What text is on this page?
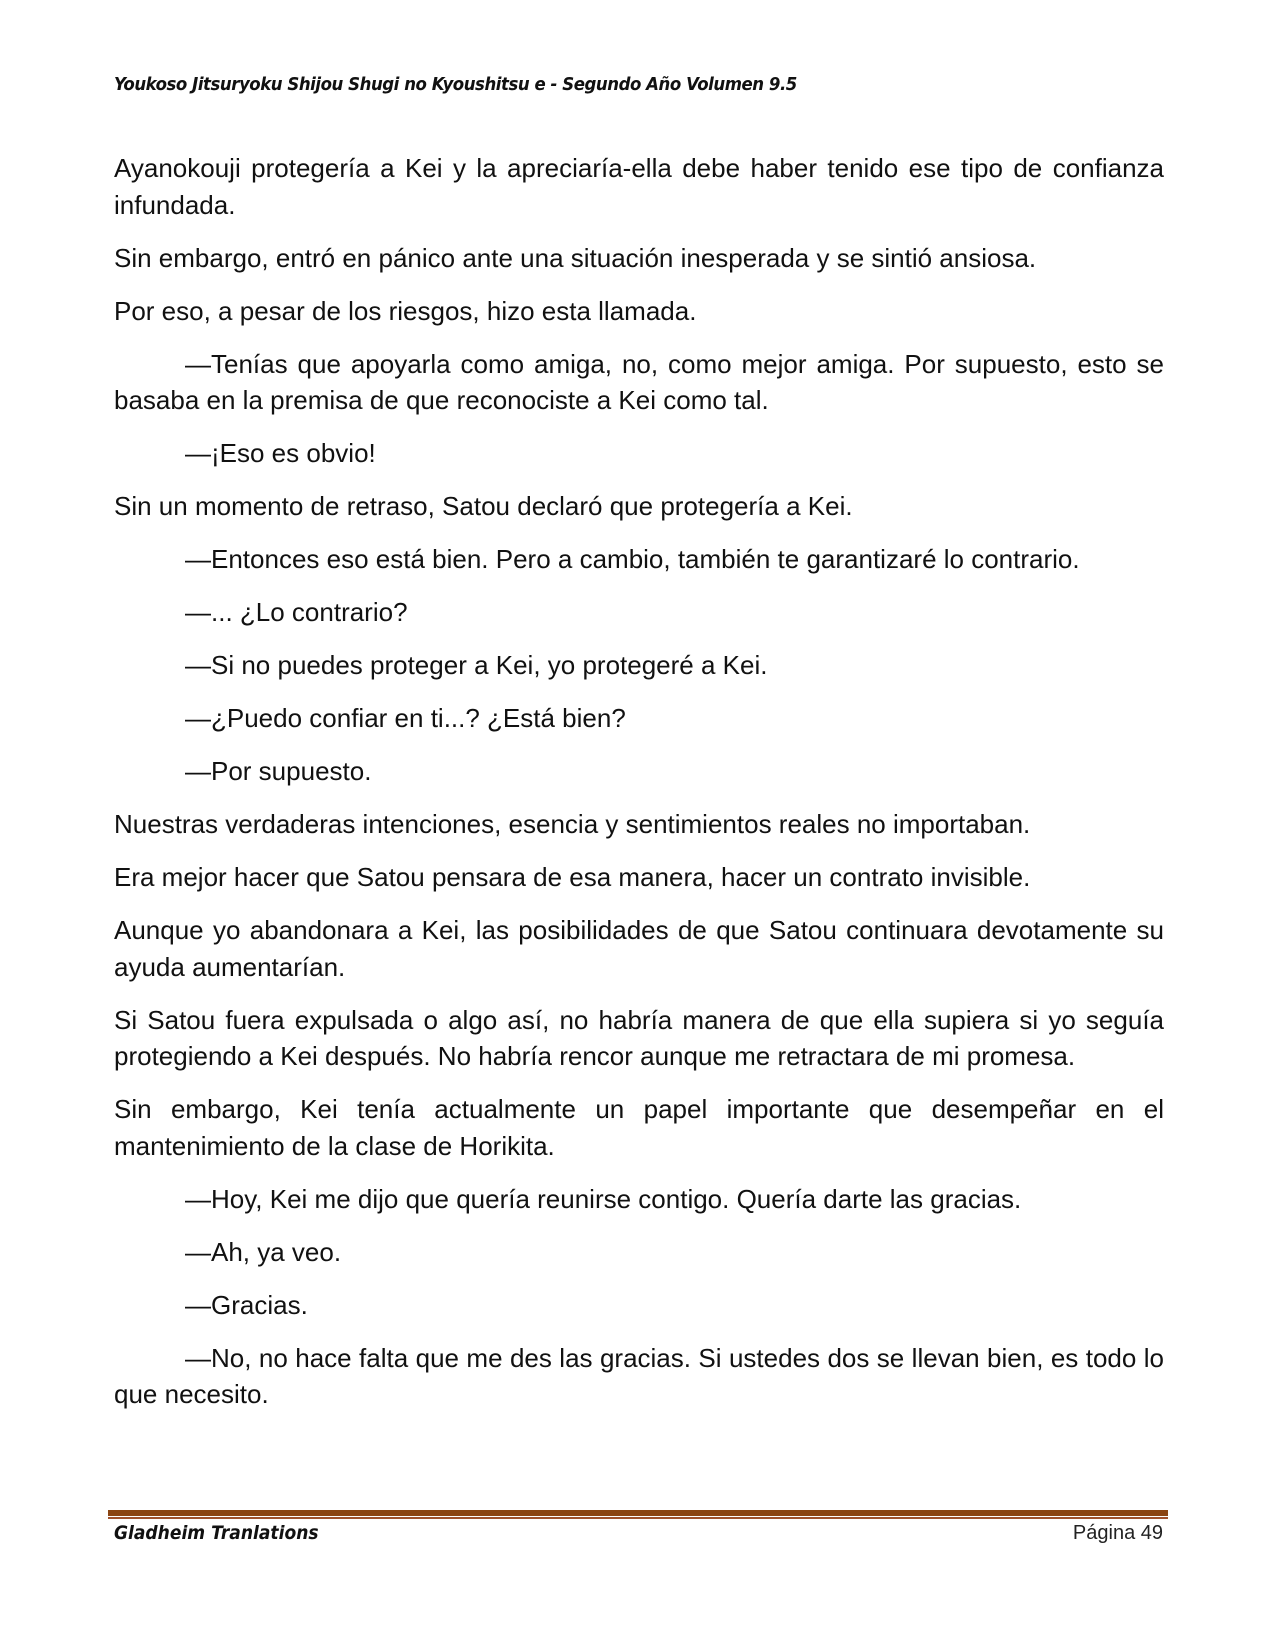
Youkoso Jitsuryoku Shijou Shugi no Kyoushitsu e - Segundo Año Volumen 9.5

Ayanokouji protegería a Kei y la apreciaría-ella debe haber tenido ese tipo de confianza infundada.

Sin embargo, entró en pánico ante una situación inesperada y se sintió ansiosa.

Por eso, a pesar de los riesgos, hizo esta llamada.

—Tenías que apoyarla como amiga, no, como mejor amiga. Por supuesto, esto se basaba en la premisa de que reconociste a Kei como tal.

—¡Eso es obvio!

Sin un momento de retraso, Satou declaró que protegería a Kei.

—Entonces eso está bien. Pero a cambio, también te garantizaré lo contrario.

—... ¿Lo contrario?

—Si no puedes proteger a Kei, yo protegeré a Kei.

—¿Puedo confiar en ti...? ¿Está bien?

—Por supuesto.

Nuestras verdaderas intenciones, esencia y sentimientos reales no importaban.

Era mejor hacer que Satou pensara de esa manera, hacer un contrato invisible.

Aunque yo abandonara a Kei, las posibilidades de que Satou continuara devotamente su ayuda aumentarían.

Si Satou fuera expulsada o algo así, no habría manera de que ella supiera si yo seguía protegiendo a Kei después. No habría rencor aunque me retractara de mi promesa.

Sin embargo, Kei tenía actualmente un papel importante que desempeñar en el mantenimiento de la clase de Horikita.

—Hoy, Kei me dijo que quería reunirse contigo. Quería darte las gracias.

—Ah, ya veo.

—Gracias.

—No, no hace falta que me des las gracias. Si ustedes dos se llevan bien, es todo lo que necesito.

Gladheim Tranlations	Página 49
